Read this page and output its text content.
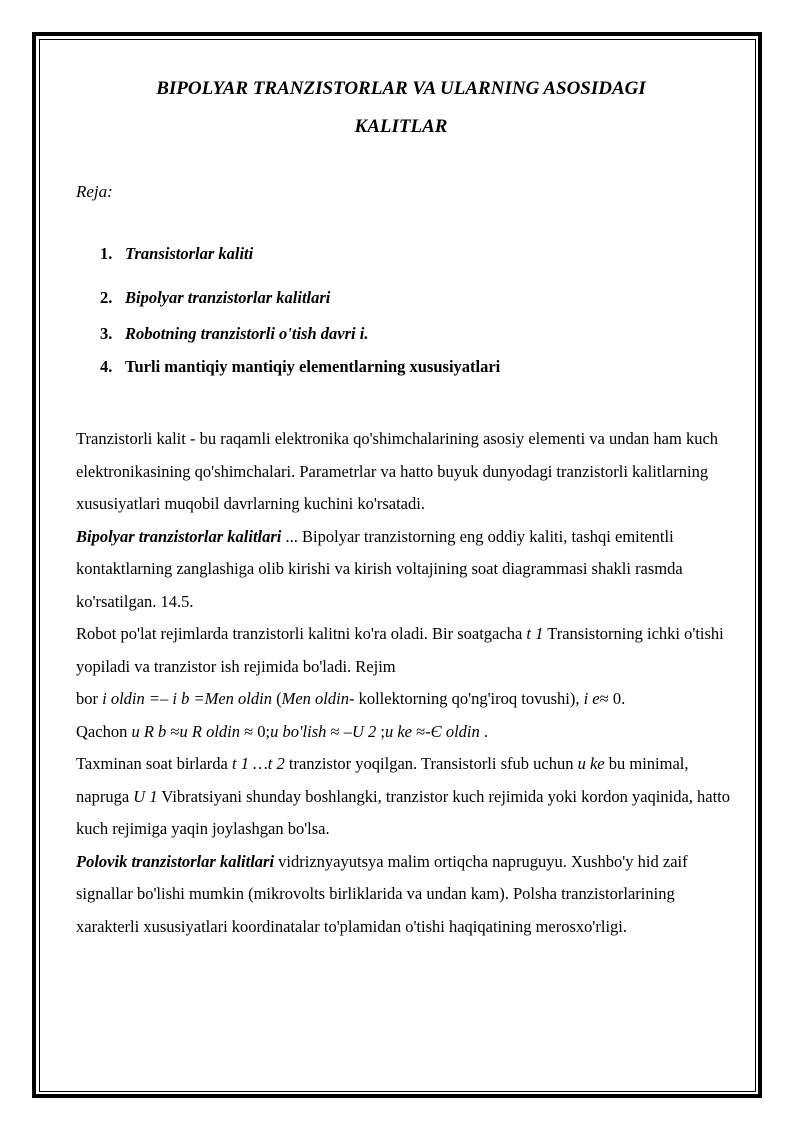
BIPOLYAR TRANZISTORLAR VA ULARNING ASOSIDAGI
KALITLAR

Reja:

1. Transistorlar kaliti
2. Bipolyar tranzistorlar kalitlari
3. Robotning tranzistorli o'tish davri i.
4. Turli mantiqiy mantiqiy elementlarning xususiyatlari

Tranzistorli kalit - bu raqamli elektronika qo'shimchalarining asosiy elementi va undan ham kuch elektronikasining qo'shimchalari. Parametrlar va hatto buyuk dunyodagi tranzistorli kalitlarning xususiyatlari muqobil davrlarning kuchini ko'rsatadi.

Bipolyar tranzistorlar kalitlari ... Bipolyar tranzistorning eng oddiy kaliti, tashqi emitentli kontaktlarning zanglashiga olib kirishi va kirish voltajining soat diagrammasi shakli rasmda ko'rsatilgan. 14.5.

Robot po'lat rejimlarda tranzistorli kalitni ko'ra oladi. Bir soatgacha t 1 Transistorning ichki o'tishi yopiladi va tranzistor ish rejimida bo'ladi. Rejim
bor i oldin =– i b =Men oldin (Men oldin- kollektorning qo'ng'iroq tovushi), i e≈ 0.
Qachon u R b ≈u R oldin ≈ 0;u bo'lish ≈ –U 2 ;u ke ≈-Є oldin .

Taxminan soat birlarda t 1 …t 2 tranzistor yoqilgan. Transistorli sfub uchun u ke bu minimal, napruga U 1 Vibratsiyani shunday boshlangki, tranzistor kuch rejimida yoki kordon yaqinida, hatto kuch rejimiga yaqin joylashgan bo'lsa.

Polovik tranzistorlar kalitlari vidriznyayutsya malim ortiqcha napruguyu. Xushbo'y hid zaif signallar bo'lishi mumkin (mikrovolts birliklarida va undan kam). Polsha tranzistorlarining xarakterli xususiyatlari koordinatalar to'plamidan o'tishi haqiqatining merosxo'rligi.
